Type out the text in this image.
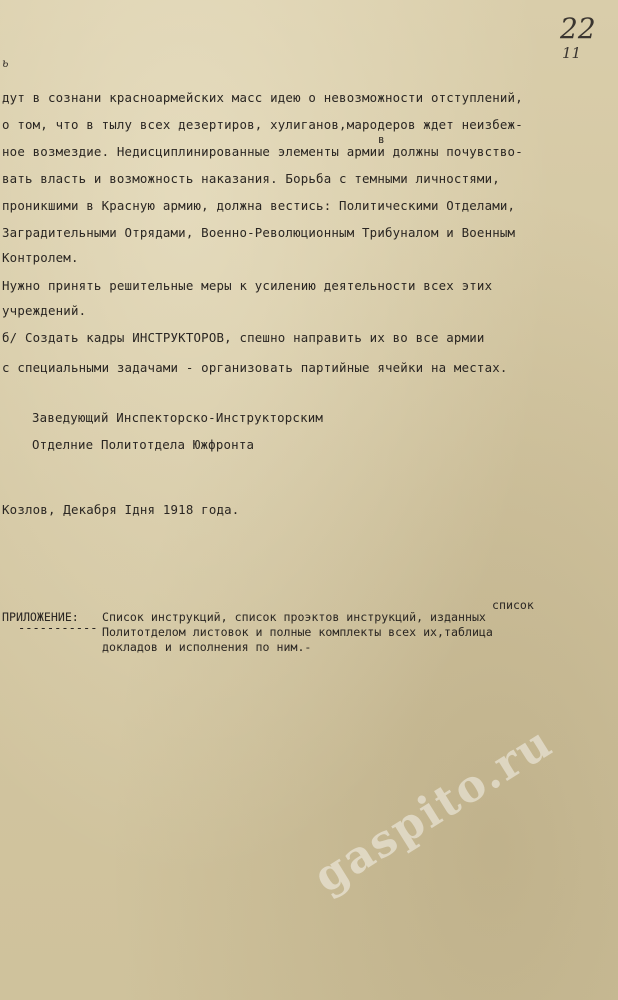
ь
22
11
дут в сознани красноармейских масс идею о невозможности отступлений,
о том, что в тылу всех дезертиров, хулиганов,мародеров ждет неизбеж-
в
ное возмездие. Недисциплинированные элементы армии должны почувство-
вать власть и возможность наказания. Борьба с темными личностями,
проникшими в Красную армию, должна вестись: Политическими Отделами,
Заградительными Отрядами, Военно-Революционным Трибуналом и Военным
Контролем.
Нужно принять решительные меры к усилению деятельности всех этих
учреждений.
б/ Создать кадры ИНСТРУКТОРОВ, спешно направить их во все армии
с специальными задачами - организовать партийные ячейки на местах.
Заведующий Инспекторско-Инструкторским
Отделние Политотдела Южфронта
Козлов, Декабря Iдня 1918 года.
список
ПРИЛОЖЕНИЕ:
-----------
Список инструкций, список проэктов инструкций, изданных
Политотделом листовок и полные комплекты всех их,таблица
докладов и исполнения по ним.-
gaspito.ru
